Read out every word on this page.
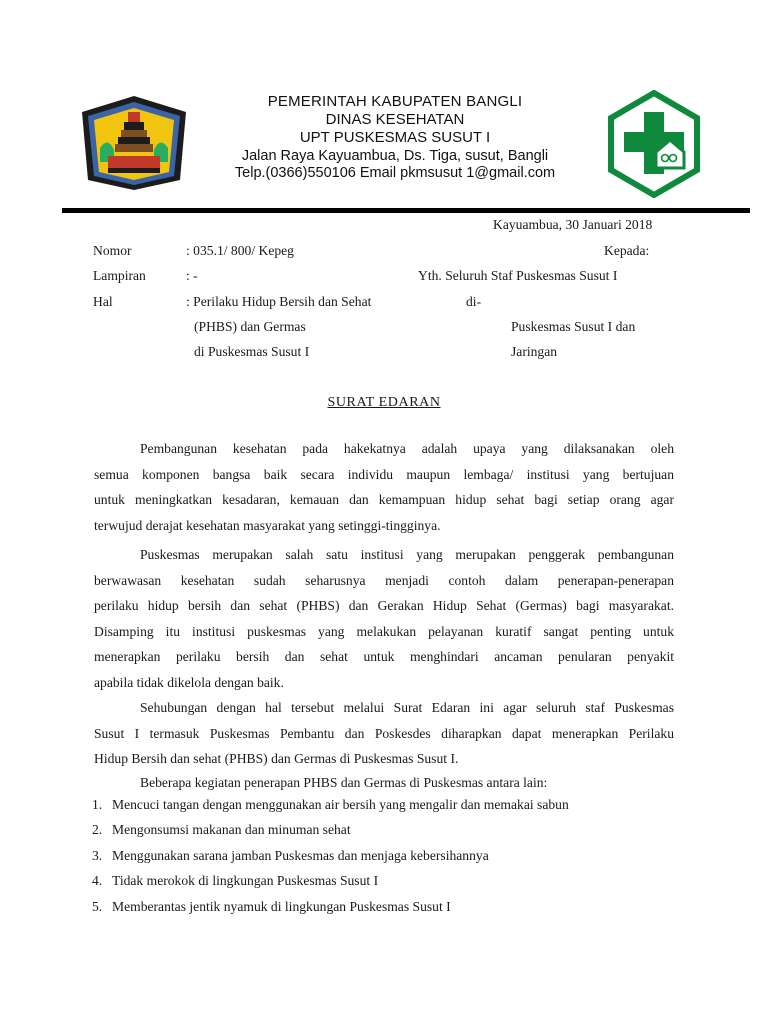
PEMERINTAH KABUPATEN BANGLI
DINAS KESEHATAN
UPT PUSKESMAS SUSUT I
Jalan Raya Kayuambua, Ds. Tiga, susut, Bangli
Telp.(0366)550106 Email pkmsusut 1@gmail.com
Kayuambua, 30 Januari 2018
Nomor	: 035.1/ 800/ Kepeg
Lampiran	: -
Hal	: Perilaku Hidup Bersih dan Sehat
(PHBS) dan Germas
di Puskesmas Susut I
Kepada:
Yth. Seluruh Staf Puskesmas Susut I
di-
Puskesmas Susut I dan
Jaringan
SURAT EDARAN
Pembangunan kesehatan pada hakekatnya adalah upaya yang dilaksanakan oleh
semua komponen bangsa baik secara individu maupun lembaga/ institusi yang bertujuan
untuk meningkatkan kesadaran, kemauan dan kemampuan hidup sehat bagi setiap orang agar
terwujud derajat kesehatan masyarakat yang setinggi-tingginya.
Puskesmas merupakan salah satu institusi yang merupakan penggerak pembangunan
berwawasan kesehatan sudah seharusnya menjadi contoh dalam penerapan-penerapan
perilaku hidup bersih dan sehat (PHBS) dan Gerakan Hidup Sehat (Germas) bagi masyarakat.
Disamping itu institusi puskesmas yang melakukan pelayanan kuratif sangat penting untuk
menerapkan perilaku bersih dan sehat untuk menghindari ancaman penularan penyakit
apabila tidak dikelola dengan baik.
Sehubungan dengan hal tersebut melalui Surat Edaran ini agar seluruh staf Puskesmas
Susut I termasuk Puskesmas Pembantu dan Poskesdes diharapkan dapat menerapkan Perilaku
Hidup Bersih dan sehat (PHBS) dan Germas di Puskesmas Susut I.
Beberapa kegiatan penerapan PHBS dan Germas di Puskesmas antara lain:
1. Mencuci tangan dengan menggunakan air bersih yang mengalir dan memakai sabun
2. Mengonsumsi makanan dan minuman sehat
3. Menggunakan sarana jamban Puskesmas dan menjaga kebersihannya
4. Tidak merokok di lingkungan Puskesmas Susut I
5. Memberantas jentik nyamuk di lingkungan Puskesmas Susut I
